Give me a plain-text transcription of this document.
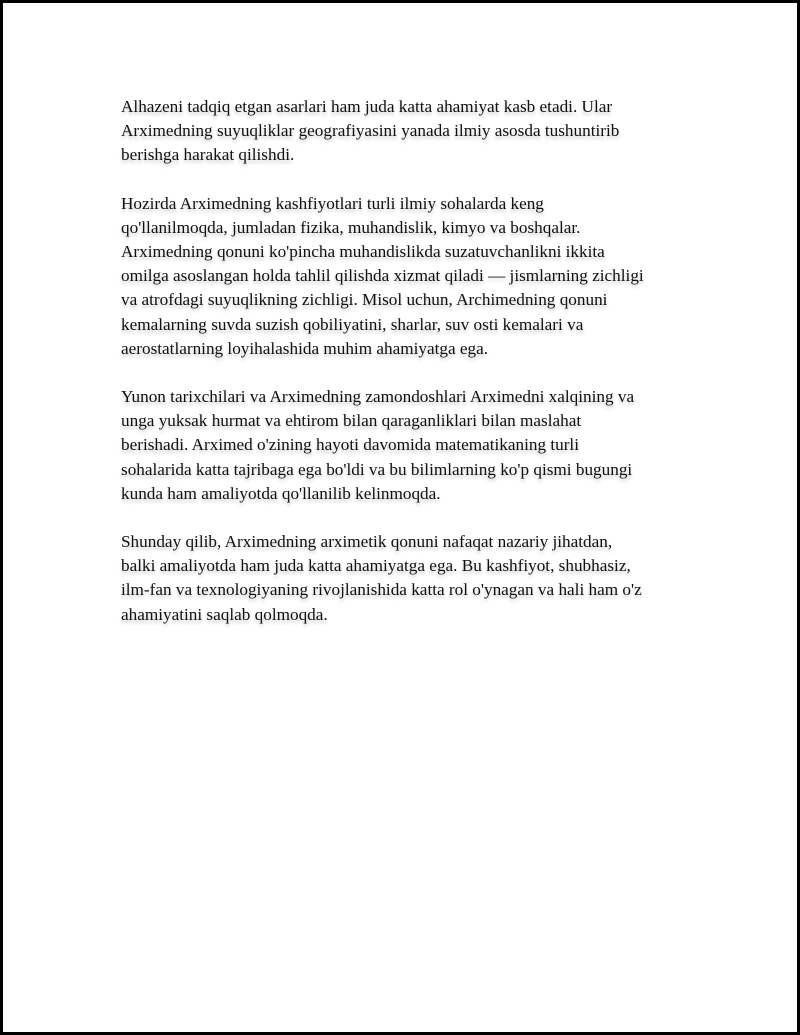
Alhazeni tadqiq etgan asarlari ham juda katta ahamiyat kasb etadi. Ular
Arximedning suyuqliklar geografiyasini yanada ilmiy asosda tushuntirib
berishga harakat qilishdi.

Hozirda Arximedning kashfiyotlari turli ilmiy sohalarda keng
qo'llanilmoqda, jumladan fizika, muhandislik, kimyo va boshqalar.
Arximedning qonuni ko'pincha muhandislikda suzatuvchanlikni ikkita
omilga asoslangan holda tahlil qilishda xizmat qiladi — jismlarning zichligi
va atrofdagi suyuqlikning zichligi. Misol uchun, Archimedning qonuni
kemalarning suvda suzish qobiliyatini, sharlar, suv osti kemalari va
aerostatlarning loyihalashida muhim ahamiyatga ega.

Yunon tarixchilari va Arximedning zamondoshlari Arximedni xalqining va
unga yuksak hurmat va ehtirom bilan qaraganliklari bilan maslahat
berishadi. Arximed o'zining hayoti davomida matematikaning turli
sohalarida katta tajribaga ega bo'ldi va bu bilimlarning ko'p qismi bugungi
kunda ham amaliyotda qo'llanilib kelinmoqda.

Shunday qilib, Arximedning arximetik qonuni nafaqat nazariy jihatdan,
balki amaliyotda ham juda katta ahamiyatga ega. Bu kashfiyot, shubhasiz,
ilm-fan va texnologiyaning rivojlanishida katta rol o'ynagan va hali ham o'z
ahamiyatini saqlab qolmoqda.
